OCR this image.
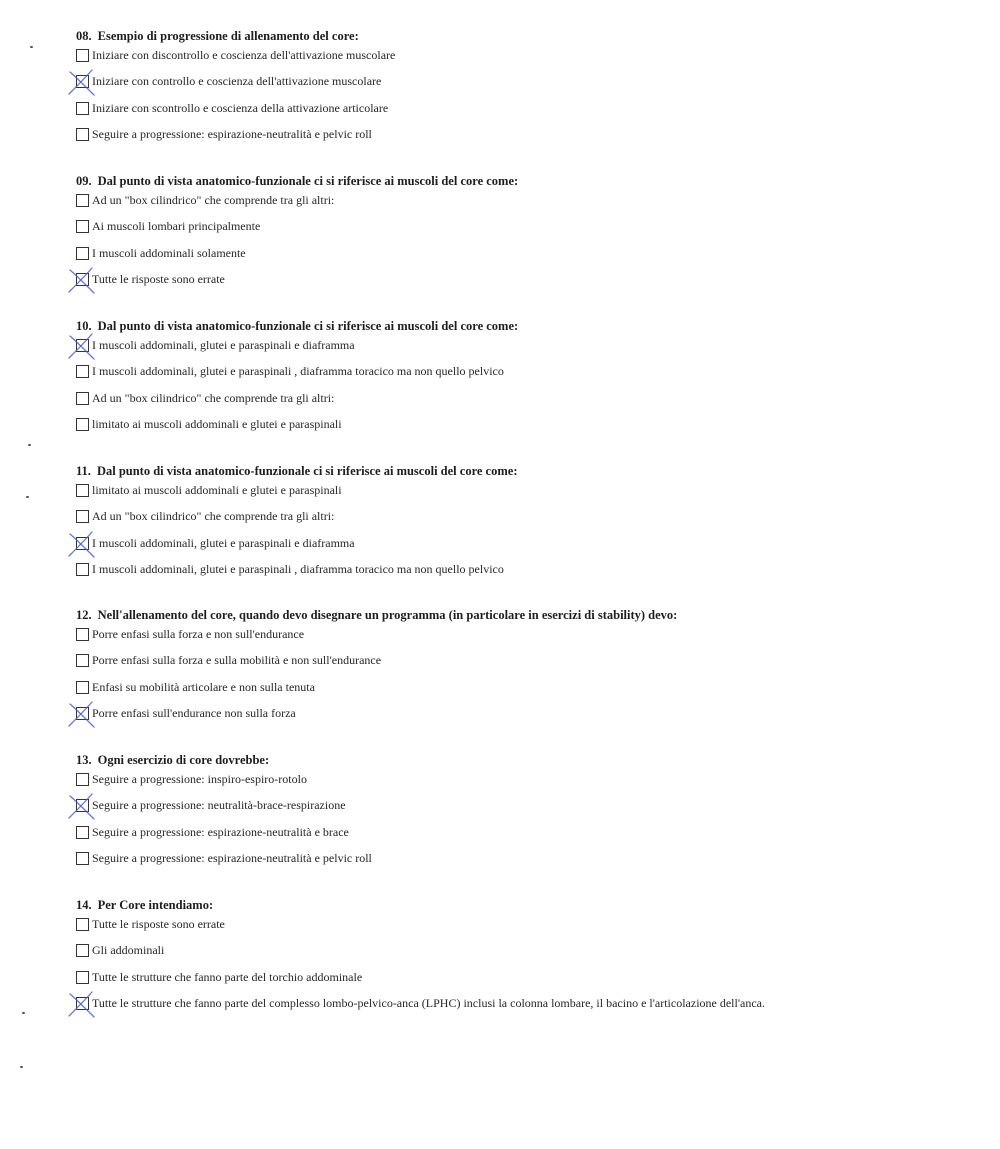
08. Esempio di progressione di allenamento del core:
Iniziare con discontrollo e coscienza dell'attivazione muscolare
Iniziare con controllo e coscienza dell'attivazione muscolare
Iniziare con scontrollo e coscienza della attivazione articolare
Seguire a progressione: espirazione-neutralità e pelvic roll
09. Dal punto di vista anatomico-funzionale ci si riferisce ai muscoli del core come:
Ad un "box cilindrico" che comprende tra gli altri:
Ai muscoli lombari principalmente
I muscoli addominali solamente
Tutte le risposte sono errate
10. Dal punto di vista anatomico-funzionale ci si riferisce ai muscoli del core come:
I muscoli addominali, glutei e paraspinali e diaframma
I muscoli addominali, glutei e paraspinali , diaframma toracico ma non quello pelvico
Ad un "box cilindrico" che comprende tra gli altri:
limitato ai muscoli addominali e glutei e paraspinali
11. Dal punto di vista anatomico-funzionale ci si riferisce ai muscoli del core come:
limitato ai muscoli addominali e glutei e paraspinali
Ad un "box cilindrico" che comprende tra gli altri:
I muscoli addominali, glutei e paraspinali e diaframma
I muscoli addominali, glutei e paraspinali , diaframma toracico ma non quello pelvico
12. Nell'allenamento del core, quando devo disegnare un programma (in particolare in esercizi di stability) devo:
Porre enfasi sulla forza e non sull'endurance
Porre enfasi sulla forza e sulla mobilità e non sull'endurance
Enfasi su mobilità articolare e non sulla tenuta
Porre enfasi sull'endurance non sulla forza
13. Ogni esercizio di core dovrebbe:
Seguire a progressione: inspiro-espiro-rotolo
Seguire a progressione: neutralità-brace-respirazione
Seguire a progressione: espirazione-neutralità e brace
Seguire a progressione: espirazione-neutralità e pelvic roll
14. Per Core intendiamo:
Tutte le risposte sono errate
Gli addominali
Tutte le strutture che fanno parte del torchio addominale
Tutte le strutture che fanno parte del complesso lombo-pelvico-anca (LPHC) inclusi la colonna lombare, il bacino e l'articolazione dell'anca.
